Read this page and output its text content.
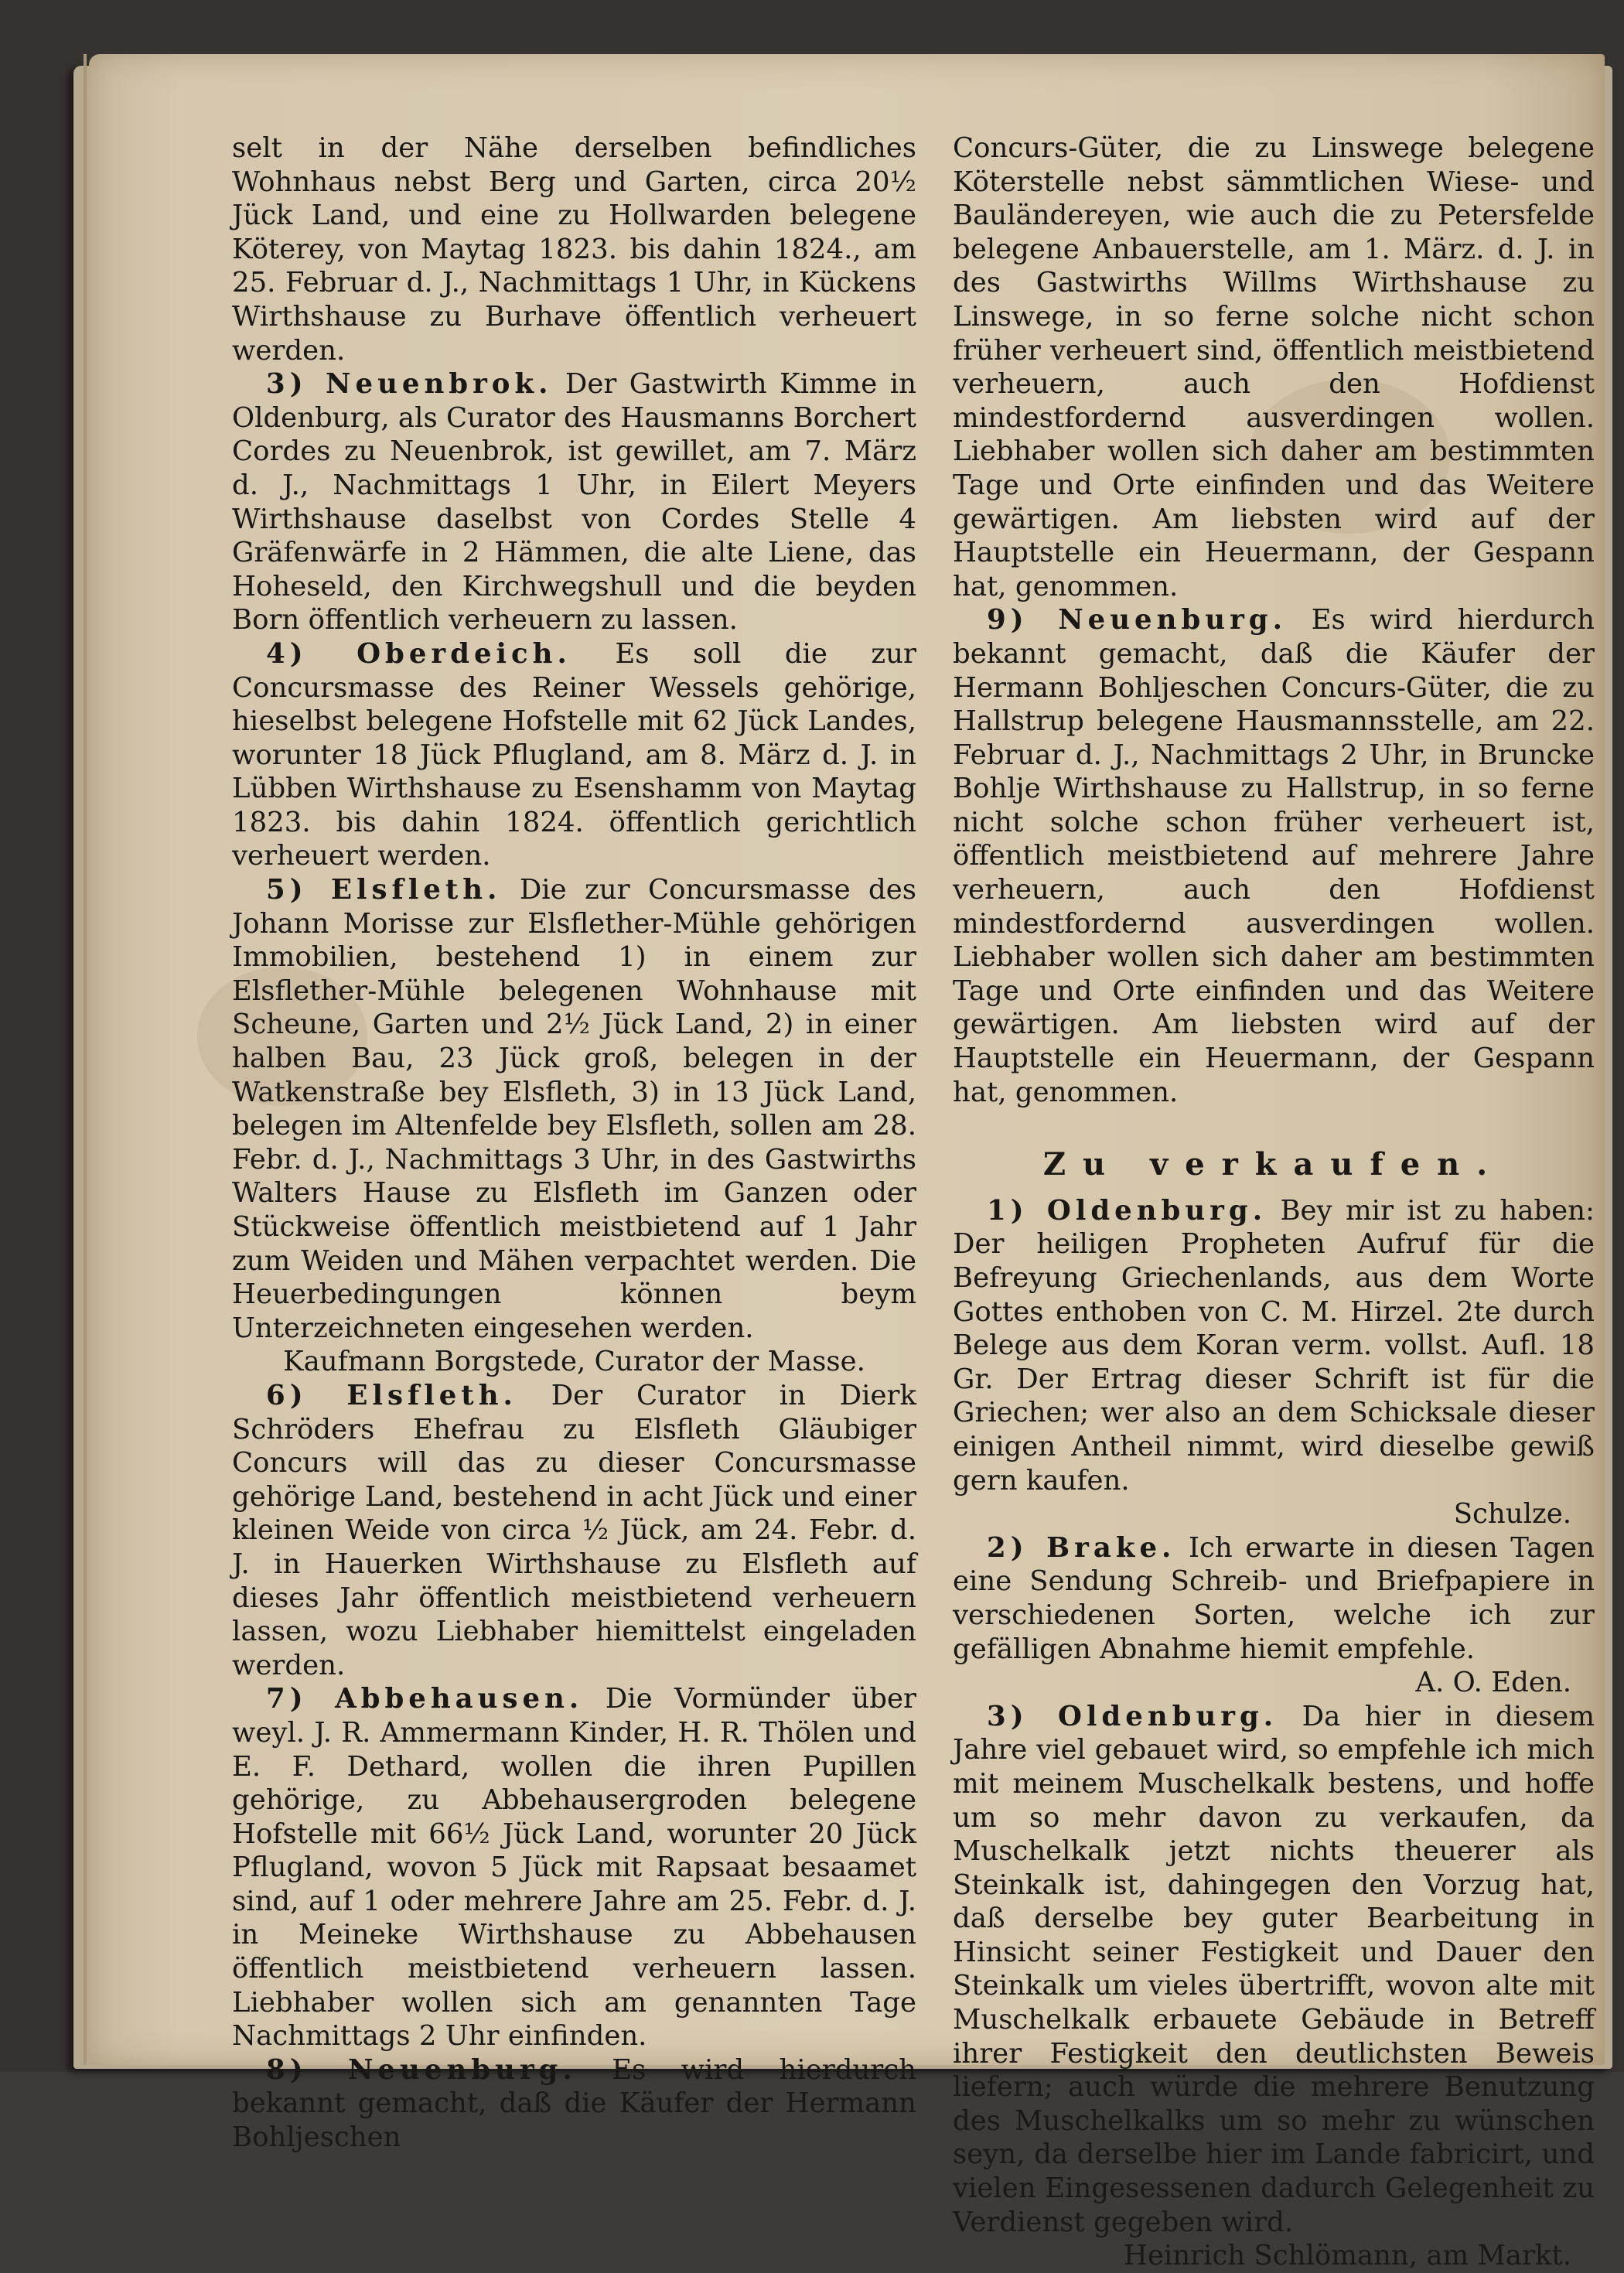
selt in der Nähe derselben befindliches Wohnhaus nebst Berg und Garten, circa 20½ Jück Land, und eine zu Hollwarden belegene Köterey, von Maytag 1823. bis dahin 1824., am 25. Februar d. J., Nachmittags 1 Uhr, in Kückens Wirthshause zu Burhave öffentlich verheuert werden.

3) Neuenbrok. Der Gastwirth Kimme in Oldenburg, als Curator des Hausmanns Borchert Cordes zu Neuenbrok, ist gewillet, am 7. März d. J., Nachmittags 1 Uhr, in Eilert Meyers Wirthshause daselbst von Cordes Stelle 4 Gräfenwärfe in 2 Hämmen, die alte Liene, das Hoheseld, den Kirchwegshull und die beyden Born öffentlich verheuern zu lassen.

4) Oberdeich. Es soll die zur Concursmasse des Reiner Wessels gehörige, hieselbst belegene Hofstelle mit 62 Jück Landes, worunter 18 Jück Pflugland, am 8. März d. J. in Lübben Wirthshause zu Esenshamm von Maytag 1823. bis dahin 1824. öffentlich gerichtlich verheuert werden.

5) Elsfleth. Die zur Concursmasse des Johann Morisse zur Elsflether-Mühle gehörigen Immobilien, bestehend 1) in einem zur Elsflether-Mühle belegenen Wohnhause mit Scheune, Garten und 2½ Jück Land, 2) in einer halben Bau, 23 Jück groß, belegen in der Watkenstraße bey Elsfleth, 3) in 13 Jück Land, belegen im Altenfelde bey Elsfleth, sollen am 28. Febr. d. J., Nachmittags 3 Uhr, in des Gastwirths Walters Hause zu Elsfleth im Ganzen oder Stückweise öffentlich meistbietend auf 1 Jahr zum Weiden und Mähen verpachtet werden. Die Heuerbedingungen können beym Unterzeichneten eingesehen werden.

Kaufmann Borgstede, Curator der Masse.

6) Elsfleth. Der Curator in Dierk Schröders Ehefrau zu Elsfleth Gläubiger Concurs will das zu dieser Concursmasse gehörige Land, bestehend in acht Jück und einer kleinen Weide von circa ½ Jück, am 24. Febr. d. J. in Hauerken Wirthshause zu Elsfleth auf dieses Jahr öffentlich meistbietend verheuern lassen, wozu Liebhaber hiemittelst eingeladen werden.

7) Abbehausen. Die Vormünder über weyl. J. R. Ammermann Kinder, H. R. Thölen und E. F. Dethard, wollen die ihren Pupillen gehörige, zu Abbehausergroden belegene Hofstelle mit 66½ Jück Land, worunter 20 Jück Pflugland, wovon 5 Jück mit Rapsaat besaamet sind, auf 1 oder mehrere Jahre am 25. Febr. d. J. in Meineke Wirthshause zu Abbehausen öffentlich meistbietend verheuern lassen. Liebhaber wollen sich am genannten Tage Nachmittags 2 Uhr einfinden.

8) Neuenburg. Es wird hierdurch bekannt gemacht, daß die Käufer der Hermann Bohljeschen

Concurs-Güter, die zu Linswege belegene Köterstelle nebst sämmtlichen Wiese- und Bauländereyen, wie auch die zu Petersfelde belegene Anbauerstelle, am 1. März. d. J. in des Gastwirths Willms Wirthshause zu Linswege, in so ferne solche nicht schon früher verheuert sind, öffentlich meistbietend verheuern, auch den Hofdienst mindestfordernd ausverdingen wollen. Liebhaber wollen sich daher am bestimmten Tage und Orte einfinden und das Weitere gewärtigen. Am liebsten wird auf der Hauptstelle ein Heuermann, der Gespann hat, genommen.

9) Neuenburg. Es wird hierdurch bekannt gemacht, daß die Käufer der Hermann Bohljeschen Concurs-Güter, die zu Hallstrup belegene Hausmannsstelle, am 22. Februar d. J., Nachmittags 2 Uhr, in Bruncke Bohlje Wirthshause zu Hallstrup, in so ferne nicht solche schon früher verheuert ist, öffentlich meistbietend auf mehrere Jahre verheuern, auch den Hofdienst mindestfordernd ausverdingen wollen. Liebhaber wollen sich daher am bestimmten Tage und Orte einfinden und das Weitere gewärtigen. Am liebsten wird auf der Hauptstelle ein Heuermann, der Gespann hat, genommen.

Zu verkaufen.

1) Oldenburg. Bey mir ist zu haben: Der heiligen Propheten Aufruf für die Befreyung Griechenlands, aus dem Worte Gottes enthoben von C. M. Hirzel. 2te durch Belege aus dem Koran verm. vollst. Aufl. 18 Gr. Der Ertrag dieser Schrift ist für die Griechen; wer also an dem Schicksale dieser einigen Antheil nimmt, wird dieselbe gewiß gern kaufen.

Schulze.

2) Brake. Ich erwarte in diesen Tagen eine Sendung Schreib- und Briefpapiere in verschiedenen Sorten, welche ich zur gefälligen Abnahme hiemit empfehle.

A. O. Eden.

3) Oldenburg. Da hier in diesem Jahre viel gebauet wird, so empfehle ich mich mit meinem Muschelkalk bestens, und hoffe um so mehr davon zu verkaufen, da Muschelkalk jetzt nichts theuerer als Steinkalk ist, dahingegen den Vorzug hat, daß derselbe bey guter Bearbeitung in Hinsicht seiner Festigkeit und Dauer den Steinkalk um vieles übertrifft, wovon alte mit Muschelkalk erbauete Gebäude in Betreff ihrer Festigkeit den deutlichsten Beweis liefern; auch würde die mehrere Benutzung des Muschelkalks um so mehr zu wünschen seyn, da derselbe hier im Lande fabricirt, und vielen Eingesessenen dadurch Gelegenheit zu Verdienst gegeben wird.

Heinrich Schlömann, am Markt.
